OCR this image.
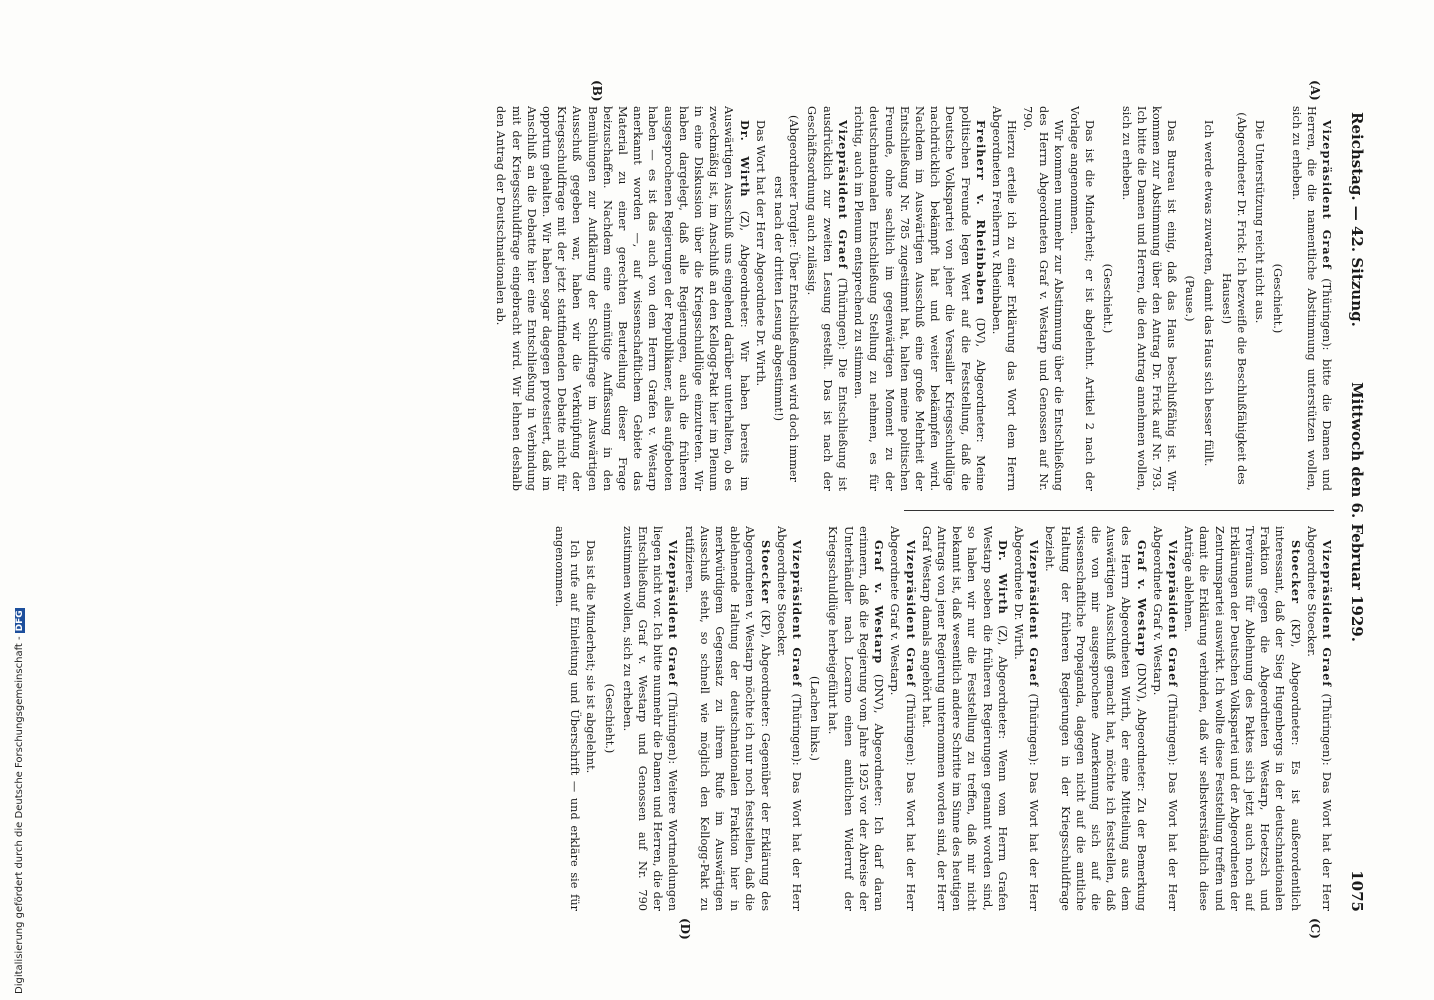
Reichstag. — 42. Sitzung.
Mittwoch den 6. Februar 1929.
1075
(A)
(B)
(C)
(D)

Vizepräsident Graef (Thüringen): bitte die Damen und Herren, die die namentliche Abstimmung unterstützen wollen, sich zu erheben.

(Geschieht.)

Die Unterstützung reicht nicht aus.

(Abgeordneter Dr. Frick: Ich bezweifle die Beschlußfähigkeit des Hauses!)

Ich werde etwas zuwarten, damit das Haus sich besser füllt.

(Pause.)

Das Bureau ist einig, daß das Haus beschlußfähig ist. Wir kommen zur Abstimmung über den Antrag Dr. Frick auf Nr. 793. Ich bitte die Damen und Herren, die den Antrag annehmen wollen, sich zu erheben.

(Geschieht.)

Das ist die Minderheit; er ist abgelehnt. Artikel 2 nach der Vorlage angenommen.

Wir kommen nunmehr zur Abstimmung über die Entschließung des Herrn Abgeordneten Graf v. Westarp und Genossen auf Nr. 790.

Hierzu erteile ich zu einer Erklärung das Wort dem Herrn Abgeordneten Freiherrn v. Rheinbaben.

Freiherr v. Rheinbaben (DV), Abgeordneter: Meine politischen Freunde legen Wert auf die Feststellung, daß die Deutsche Volkspartei von jeher die Versailler Kriegsschuldlüge nachdrücklich bekämpft hat und weiter bekämpfen wird. Nachdem im Auswärtigen Ausschuß eine große Mehrheit der Entschließung Nr. 785 zugestimmt hat, halten meine politischen Freunde, ohne sachlich im gegenwärtigen Moment zu der deutschnationalen Entschließung Stellung zu nehmen, es für richtig, auch im Plenum entsprechend zu stimmen.

Vizepräsident Graef (Thüringen): Die Entschließung ist ausdrücklich zur zweiten Lesung gestellt. Das ist nach der Geschäftsordnung auch zulässig.

(Abgeordneter Torgler: Über Entschließungen wird doch immer erst nach der dritten Lesung abgestimmt!)

Das Wort hat der Herr Abgeordnete Dr. Wirth.

Dr. Wirth (Z), Abgeordneter: Wir haben bereits im Auswärtigen Ausschuß uns eingehend darüber unterhalten, ob es zweckmäßig ist, im Anschluß an den Kellogg-Pakt hier im Plenum in eine Diskussion über die Kriegsschuldlüge einzutreten. Wir haben dargelegt, daß alle Regierungen, auch die früheren ausgesprochenen Regierungen der Republikaner, alles aufgeboten haben — es ist das auch von dem Herrn Grafen v. Westarp anerkannt worden —, auf wissenschaftlichem Gebiete das Material zu einer gerechten Beurteilung dieser Frage beizuschaffen. Nachdem eine einmütige Auffassung in den Bemühungen zur Aufklärung der Schuldfrage im Auswärtigen Ausschuß gegeben war, haben wir die Verknüpfung der Kriegsschuldfrage mit der jetzt stattfindenden Debatte nicht für opportun gehalten. Wir haben sogar dagegen protestiert, daß im Anschluß an die Debatte hier eine Entschließung in Verbindung mit der Kriegsschuldfrage eingebracht wird. Wir lehnen deshalb den Antrag der Deutschnationalen ab.

Vizepräsident Graef (Thüringen): Das Wort hat der Herr Abgeordnete Stoecker.

Stoecker (KP), Abgeordneter: Es ist außerordentlich interessant, daß der Sieg Hugenbergs in der deutschnationalen Fraktion gegen die Abgeordneten Westarp, Hoetzsch und Treviranus für Ablehnung des Paktes sich jetzt auch noch auf Erklärungen der Deutschen Volkspartei und der Abgeordneten der Zentrumspartei auswirkt. Ich wollte diese Feststellung treffen und damit die Erklärung verbinden, daß wir selbstverständlich diese Anträge ablehnen.

Vizepräsident Graef (Thüringen): Das Wort hat der Herr Abgeordnete Graf v. Westarp.

Graf v. Westarp (DNV), Abgeordneter: Zu der Bemerkung des Herrn Abgeordneten Wirth, der eine Mitteilung aus dem Auswärtigen Ausschuß gemacht hat, möchte ich feststellen, daß die von mir ausgesprochene Anerkennung sich auf die wissenschaftliche Propaganda, dagegen nicht auf die amtliche Haltung der früheren Regierungen in der Kriegsschuldfrage bezieht.

Vizepräsident Graef (Thüringen): Das Wort hat der Herr Abgeordnete Dr. Wirth.

Dr. Wirth (Z), Abgeordneter: Wenn vom Herrn Grafen Westarp soeben die früheren Regierungen genannt worden sind, so haben wir nur die Feststellung zu treffen, daß mir nicht bekannt ist, daß wesentlich andere Schritte im Sinne des heutigen Antrags von jener Regierung unternommen worden sind, der Herr Graf Westarp damals angehört hat.

Vizepräsident Graef (Thüringen): Das Wort hat der Herr Abgeordnete Graf v. Westarp.

Graf v. Westarp (DNV), Abgeordneter: Ich darf daran erinnern, daß die Regierung vom Jahre 1925 vor der Abreise der Unterhändler nach Locarno einen amtlichen Widerruf der Kriegsschuldlüge herbeigeführt hat.

(Lachen links.)

Vizepräsident Graef (Thüringen): Das Wort hat der Herr Abgeordnete Stoecker.

Stoecker (KP), Abgeordneter: Gegenüber der Erklärung des Abgeordneten v. Westarp möchte ich nur noch feststellen, daß die ablehnende Haltung der deutschnationalen Fraktion hier in merkwürdigem Gegensatz zu ihrem Rufe im Auswärtigen Ausschuß steht, so schnell wie möglich den Kellogg-Pakt zu ratifizieren.

Vizepräsident Graef (Thüringen): Weitere Wortmeldungen liegen nicht vor. Ich bitte nunmehr die Damen und Herren, die der Entschließung Graf v. Westarp und Genossen auf Nr. 790 zustimmen wollen, sich zu erheben.

(Geschieht.)

Das ist die Minderheit; sie ist abgelehnt.

Ich rufe auf Einleitung und Überschrift — und erkläre sie für angenommen.

Digitalisierung gefördert durch die Deutsche Forschungsgemeinschaft -DFG
